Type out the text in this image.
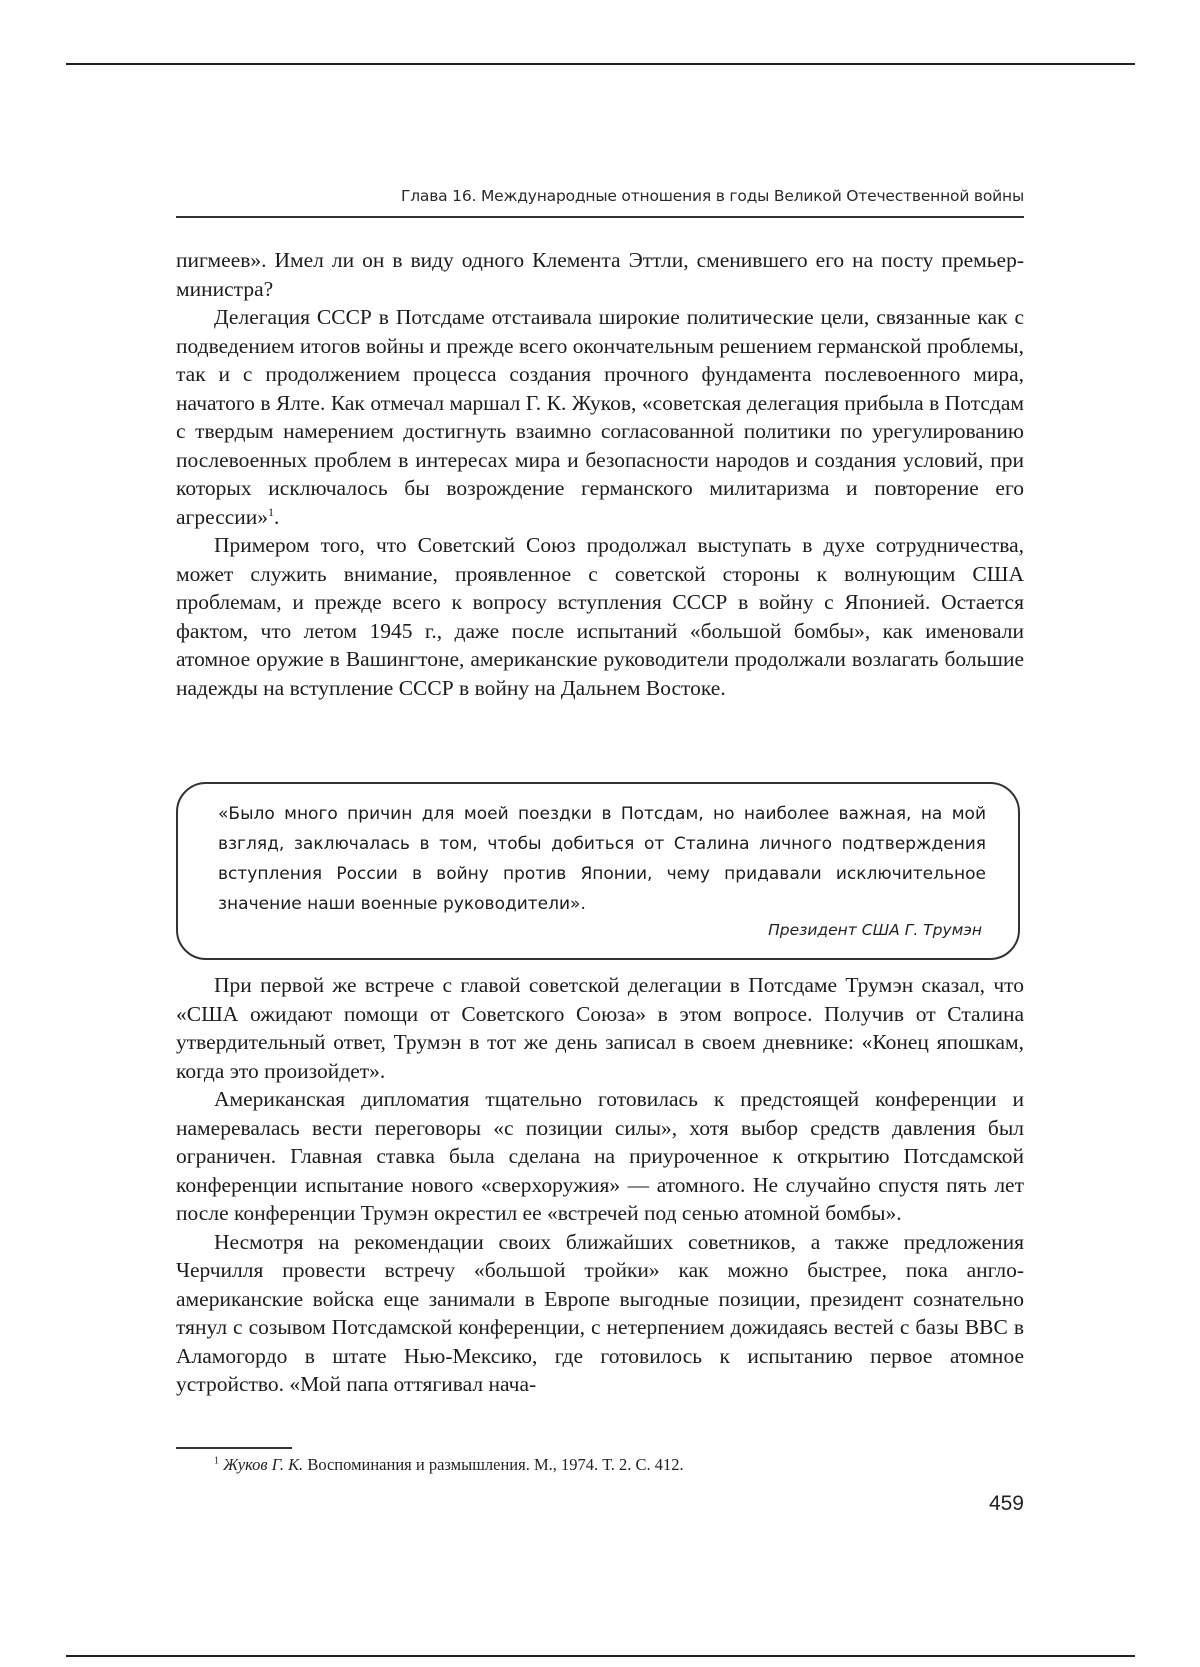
Глава 16. Международные отношения в годы Великой Отечественной войны

пигмеев». Имел ли он в виду одного Клемента Эттли, сменившего его на посту премьер-министра?

Делегация СССР в Потсдаме отстаивала широкие политические цели, связанные как с подведением итогов войны и прежде всего окончательным решением германской проблемы, так и с продолжением процесса создания прочного фундамента послевоенного мира, начатого в Ялте. Как отмечал маршал Г. К. Жуков, «советская делегация прибыла в Потсдам с твердым намерением достигнуть взаимно согласованной политики по урегулированию послевоенных проблем в интересах мира и безопасности народов и создания условий, при которых исключалось бы возрождение германского милитаризма и повторение его агрессии»$^1$.

Примером того, что Советский Союз продолжал выступать в духе сотрудничества, может служить внимание, проявленное с советской стороны к волнующим США проблемам, и прежде всего к вопросу вступления СССР в войну с Японией. Остается фактом, что летом 1945 г., даже после испытаний «большой бомбы», как именовали атомное оружие в Вашингтоне, американские руководители продолжали возлагать большие надежды на вступление СССР в войну на Дальнем Востоке.

«Было много причин для моей поездки в Потсдам, но наиболее важная, на мой взгляд, заключалась в том, чтобы добиться от Сталина личного подтверждения вступления России в войну против Японии, чему придавали исключительное значение наши военные руководители».
Президент США Г. Трумэн

При первой же встрече с главой советской делегации в Потсдаме Трумэн сказал, что «США ожидают помощи от Советского Союза» в этом вопросе. Получив от Сталина утвердительный ответ, Трумэн в тот же день записал в своем дневнике: «Конец япошкам, когда это произойдет».

Американская дипломатия тщательно готовилась к предстоящей конференции и намеревалась вести переговоры «с позиции силы», хотя выбор средств давления был ограничен. Главная ставка была сделана на приуроченное к открытию Потсдамской конференции испытание нового «сверхоружия» — атомного. Не случайно спустя пять лет после конференции Трумэн окрестил ее «встречей под сенью атомной бомбы».

Несмотря на рекомендации своих ближайших советников, а также предложения Черчилля провести встречу «большой тройки» как можно быстрее, пока англо-американские войска еще занимали в Европе выгодные позиции, президент сознательно тянул с созывом Потсдамской конференции, с нетерпением дожидаясь вестей с базы ВВС в Аламогордо в штате Нью-Мексико, где готовилось к испытанию первое атомное устройство. «Мой папа оттягивал нача-

$^1$ Жуков Г. К. Воспоминания и размышления. М., 1974. Т. 2. С. 412.
459
